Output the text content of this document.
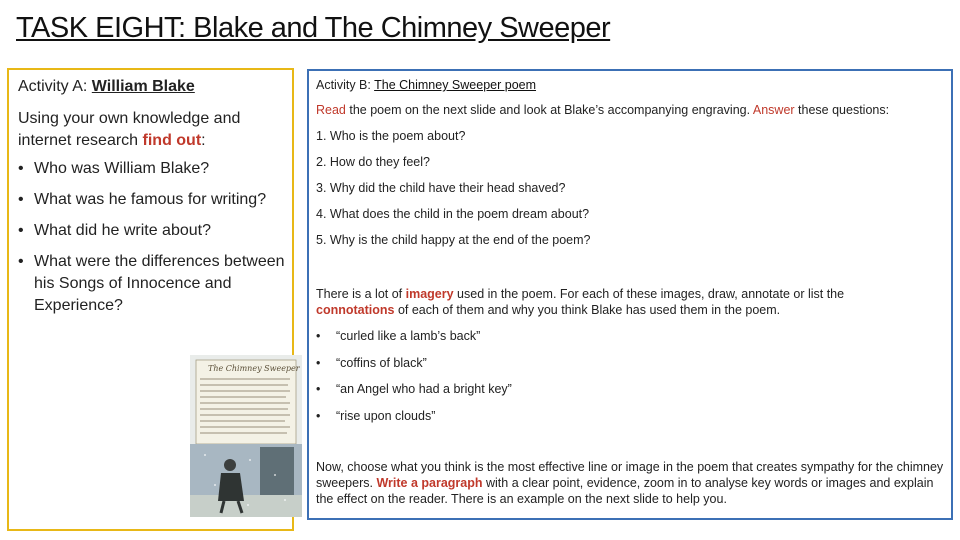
TASK EIGHT: Blake and The Chimney Sweeper
Activity A: William Blake
Using your own knowledge and internet research find out:
• Who was William Blake?
• What was he famous for writing?
• What did he write about?
• What were the differences between his Songs of Innocence and Experience?
The Chimney Sweeper
Activity B: The Chimney Sweeper poem
Read the poem on the next slide and look at Blake’s accompanying engraving. Answer these questions:
1. Who is the poem about?
2. How do they feel?
3. Why did the child have their head shaved?
4. What does the child in the poem dream about?
5. Why is the child happy at the end of the poem?
There is a lot of imagery used in the poem. For each of these images, draw, annotate or list the connotations of each of them and why you think Blake has used them in the poem.
• “curled like a lamb’s back”
• “coffins of black”
• “an Angel who had a bright key”
• “rise upon clouds”
Now, choose what you think is the most effective line or image in the poem that creates sympathy for the chimney sweepers. Write a paragraph with a clear point, evidence, zoom in to analyse key words or images and explain the effect on the reader. There is an example on the next slide to help you.
